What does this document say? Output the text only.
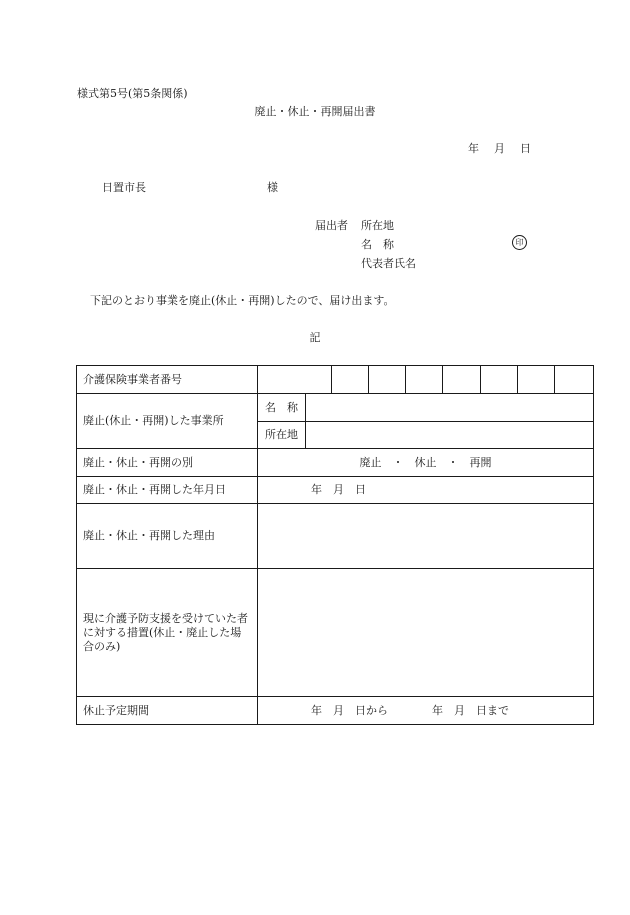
様式第5号(第5条関係)
廃止・休止・再開届出書
年 月 日
日置市長	様
届出者	所在地
名　称
代表者氏名
印
下記のとおり事業を廃止(休止・再開)したので、届け出ます。
記
介護保険事業者番号									
廃止(休止・再開)した事業所	名　称								
	所在地								
廃止・休止・再開の別	廃止　・　休止　・　再開								
廃止・休止・再開した年月日	年　月　日								
廃止・休止・再開した理由									
現に介護予防支援を受けていた者に対する措置(休止・廃止した場合のみ)									
休止予定期間	年　月　日から　　　　年　月　日まで								
